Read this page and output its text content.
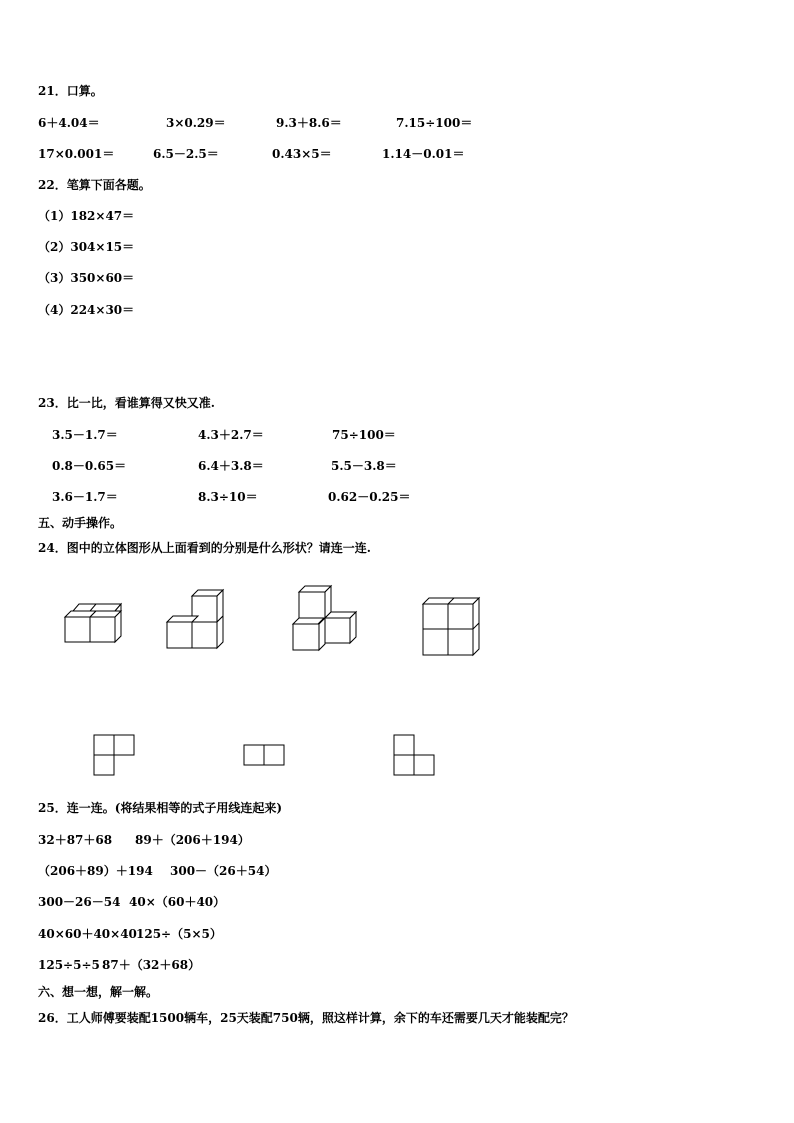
21．口算。
6＋4.04＝	3×0.29＝	9.3＋8.6＝	7.15÷100＝
17×0.001＝	6.5－2.5＝	0.43×5＝	1.14－0.01＝
22．笔算下面各题。
（1）182×47＝
（2）304×15＝
（3）350×60＝
（4）224×30＝
23．比一比，看谁算得又快又准.
3.5－1.7＝	4.3＋2.7＝	75÷100＝
0.8－0.65＝	6.4＋3.8＝	5.5－3.8＝
3.6－1.7＝	8.3÷10＝	0.62－0.25＝
五、动手操作。
24．图中的立体图形从上面看到的分别是什么形状？请连一连.
25．连一连。(将结果相等的式子用线连起来)
32＋87＋68 89＋（206＋194）
（206＋89）＋194 300－（26＋54）
300－26－54 40×（60＋40）
40×60＋40×40 125÷（5×5）
125÷5÷5 87＋（32＋68）
六、想一想，解一解。
26．工人师傅要装配1500辆车，25天装配750辆，照这样计算，余下的车还需要几天才能装配完？
